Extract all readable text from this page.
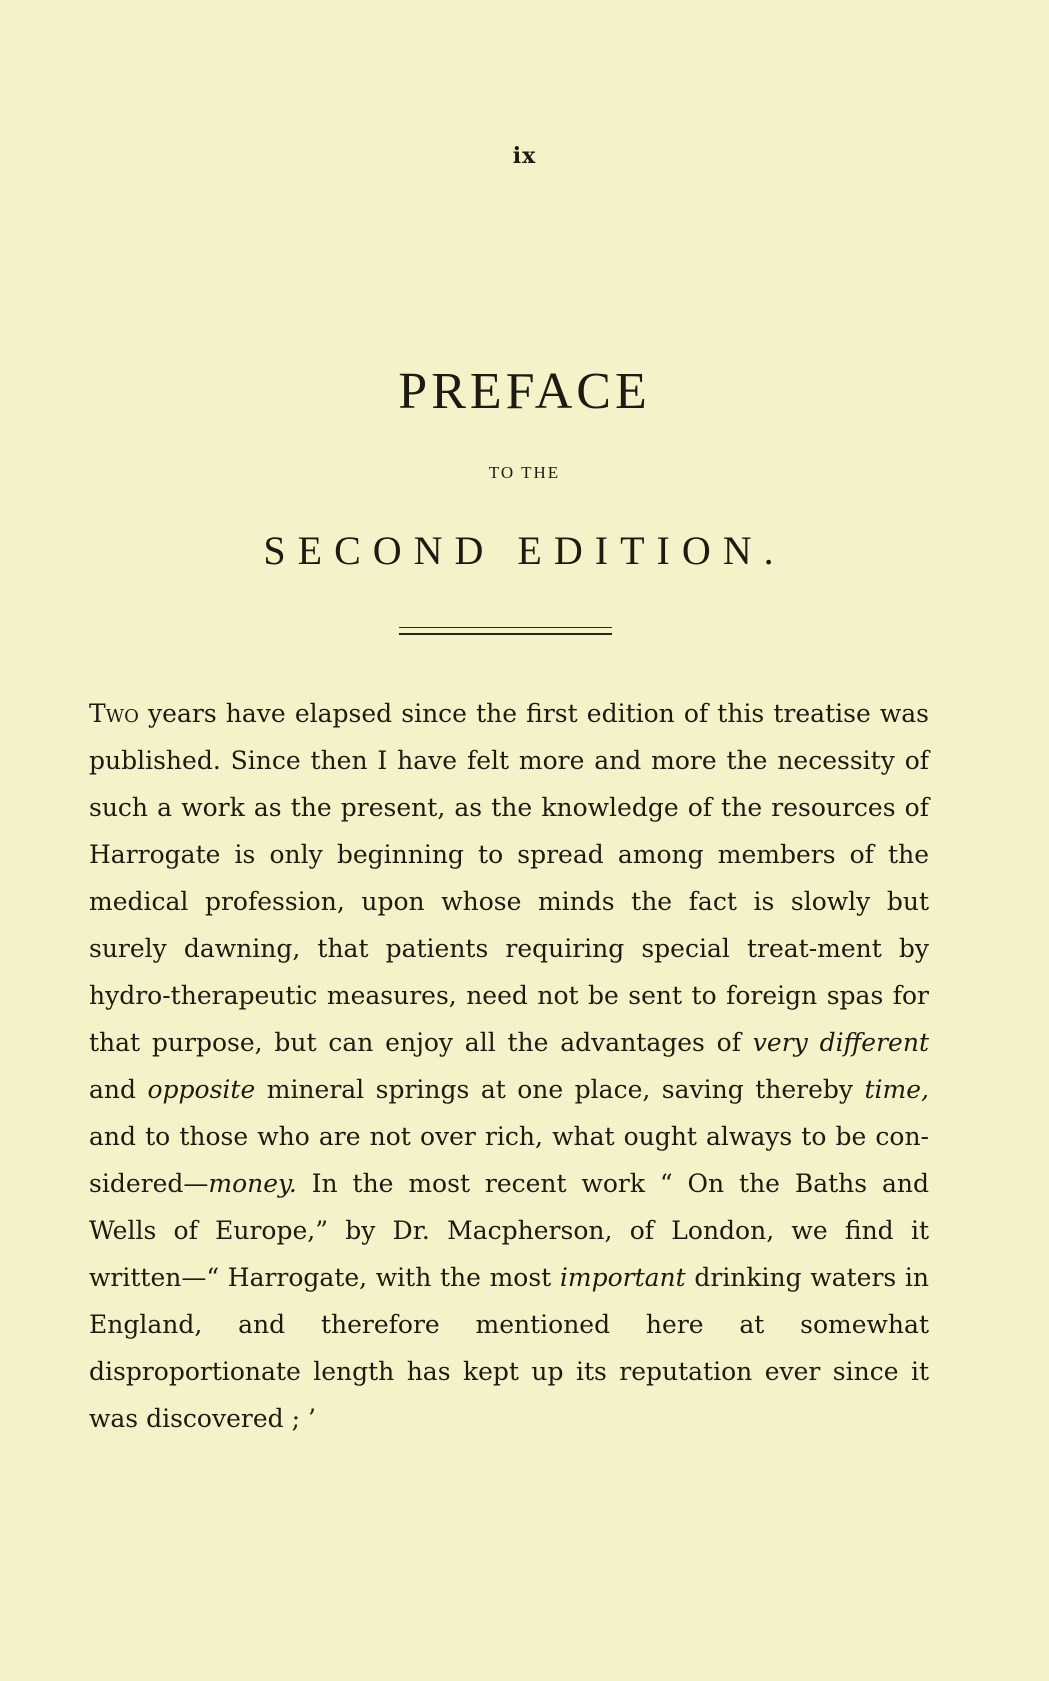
ix
PREFACE
TO THE
SECOND EDITION.

Two years have elapsed since the first edition of this treatise was published. Since then I have felt more and more the necessity of such a work as the present, as the knowledge of the resources of Harrogate is only beginning to spread among members of the medical profession, upon whose minds the fact is slowly but surely dawning, that patients requiring special treat-ment by hydro-therapeutic measures, need not be sent to foreign spas for that purpose, but can enjoy all the advantages of very different and opposite mineral springs at one place, saving thereby time, and to those who are not over rich, what ought always to be con-sidered—money. In the most recent work “ On the Baths and Wells of Europe,” by Dr. Macpherson, of London, we find it written—“ Harrogate, with the most important drinking waters in England, and therefore mentioned here at somewhat disproportionate length has kept up its reputation ever since it was discovered ; ’
